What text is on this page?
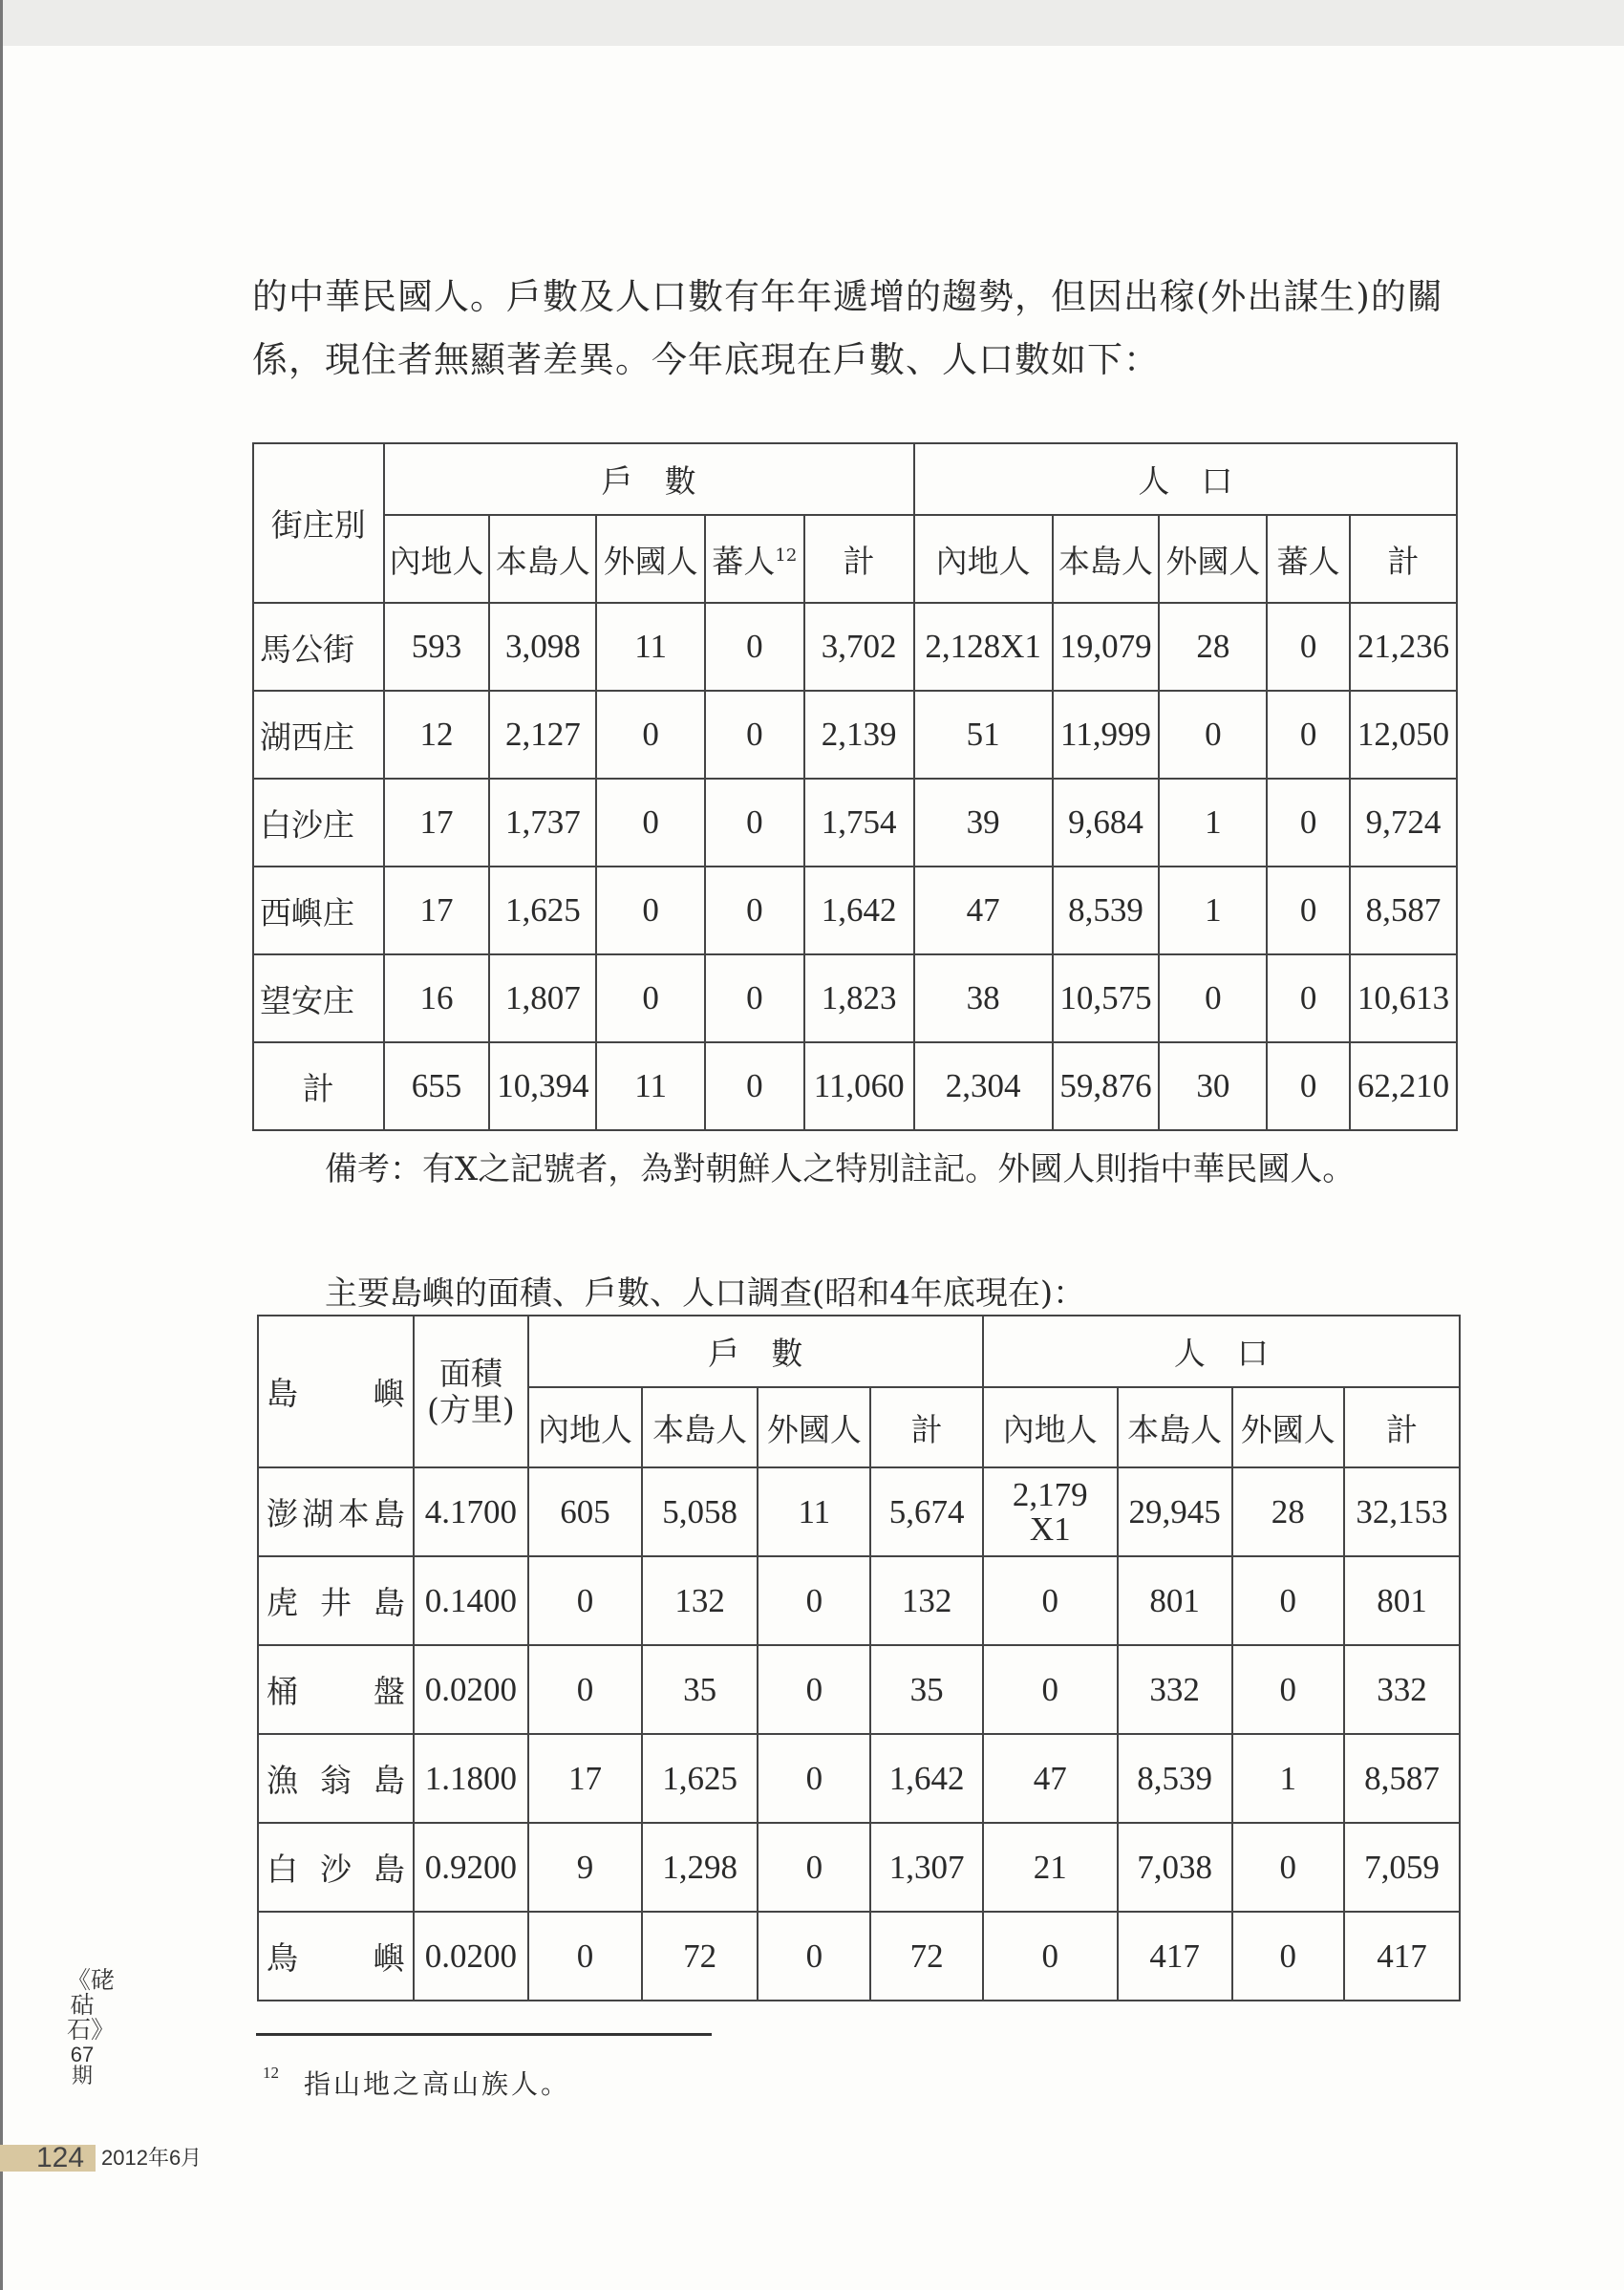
的中華民國人。戶數及人口數有年年遞增的趨勢，但因出稼(外出謀生)的關係，現住者無顯著差異。今年底現在戶數、人口數如下：
街庄別	戶　數					人　口				
	內地人	本島人	外國人	蕃人$^{12}$	計	內地人	本島人	外國人	蕃人	計
馬公街	593	3,098	11	0	3,702	2,128X1	19,079	28	0	21,236
湖西庄	12	2,127	0	0	2,139	51	11,999	0	0	12,050
白沙庄	17	1,737	0	0	1,754	39	9,684	1	0	9,724
西嶼庄	17	1,625	0	0	1,642	47	8,539	1	0	8,587
望安庄	16	1,807	0	0	1,823	38	10,575	0	0	10,613
計	655	10,394	11	0	11,060	2,304	59,876	30	0	62,210
備考：有X之記號者，為對朝鮮人之特別註記。外國人則指中華民國人。
主要島嶼的面積、戶數、人口調查(昭和4年底現在)：
島　　嶼	面積
(方里)	戶　數				人　口			
		內地人	本島人	外國人	計	內地人	本島人	外國人	計
澎湖本島	4.1700	605	5,058	11	5,674	2,179 X1	29,945	28	32,153
虎井島	0.1400	0	132	0	132	0	801	0	801
桶盤	0.0200	0	35	0	35	0	332	0	332
漁翁島	1.1800	17	1,625	0	1,642	47	8,539	1	8,587
白沙島	0.9200	9	1,298	0	1,307	21	7,038	0	7,059
鳥嶼	0.0200	0	72	0	72	0	417	0	417
12 指山地之高山族人。
《硓𥑮石》
67期
124 2012年6月
